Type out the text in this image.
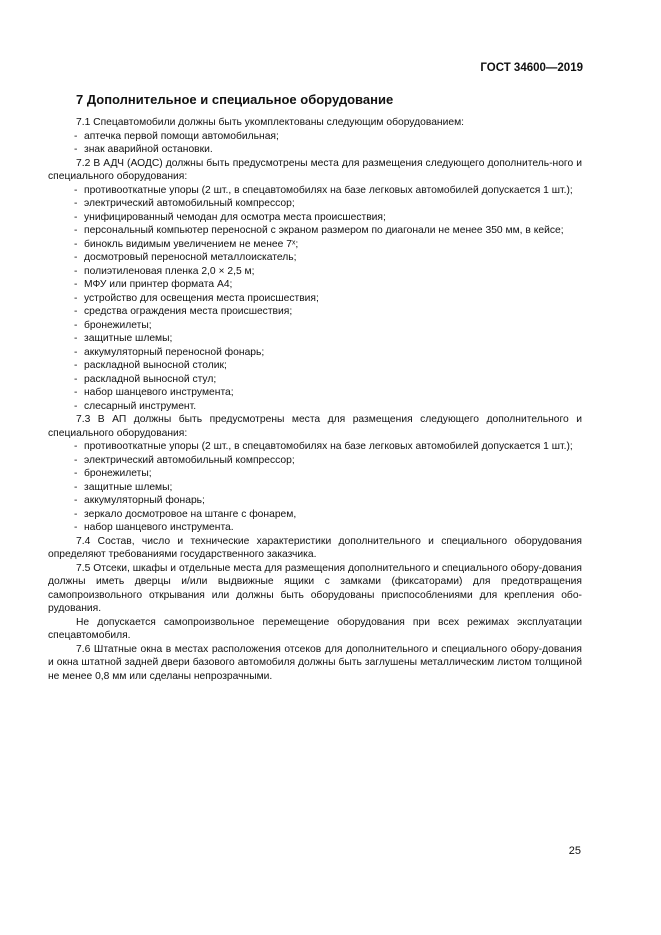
ГОСТ 34600—2019
7 Дополнительное и специальное оборудование
7.1 Спецавтомобили должны быть укомплектованы следующим оборудованием:
- аптечка первой помощи автомобильная;
- знак аварийной остановки.
7.2 В АДЧ (АОДС) должны быть предусмотрены места для размещения следующего дополнитель-ного и специального оборудования:
- противооткатные упоры (2 шт., в спецавтомобилях на базе легковых автомобилей допускается 1 шт.);
- электрический автомобильный компрессор;
- унифицированный чемодан для осмотра места происшествия;
- персональный компьютер переносной с экраном размером по диагонали не менее 350 мм, в кейсе;
- бинокль видимым увеличением не менее 7ˣ;
- досмотровый переносной металлоискатель;
- полиэтиленовая пленка 2,0 × 2,5 м;
- МФУ или принтер формата А4;
- устройство для освещения места происшествия;
- средства ограждения места происшествия;
- бронежилеты;
- защитные шлемы;
- аккумуляторный переносной фонарь;
- раскладной выносной столик;
- раскладной выносной стул;
- набор шанцевого инструмента;
- слесарный инструмент.
7.3 В АП должны быть предусмотрены места для размещения следующего дополнительного и специального оборудования:
- противооткатные упоры (2 шт., в спецавтомобилях на базе легковых автомобилей допускается 1 шт.);
- электрический автомобильный компрессор;
- бронежилеты;
- защитные шлемы;
- аккумуляторный фонарь;
- зеркало досмотровое на штанге с фонарем,
- набор шанцевого инструмента.
7.4 Состав, число и технические характеристики дополнительного и специального оборудования определяют требованиями государственного заказчика.
7.5 Отсеки, шкафы и отдельные места для размещения дополнительного и специального обору-дования должны иметь дверцы и/или выдвижные ящики с замками (фиксаторами) для предотвращения самопроизвольного открывания или должны быть оборудованы приспособлениями для крепления обо-рудования.
Не допускается самопроизвольное перемещение оборудования при всех режимах эксплуатации спецавтомобиля.
7.6 Штатные окна в местах расположения отсеков для дополнительного и специального обору-дования и окна штатной задней двери базового автомобиля должны быть заглушены металлическим листом толщиной не менее 0,8 мм или сделаны непрозрачными.
25
